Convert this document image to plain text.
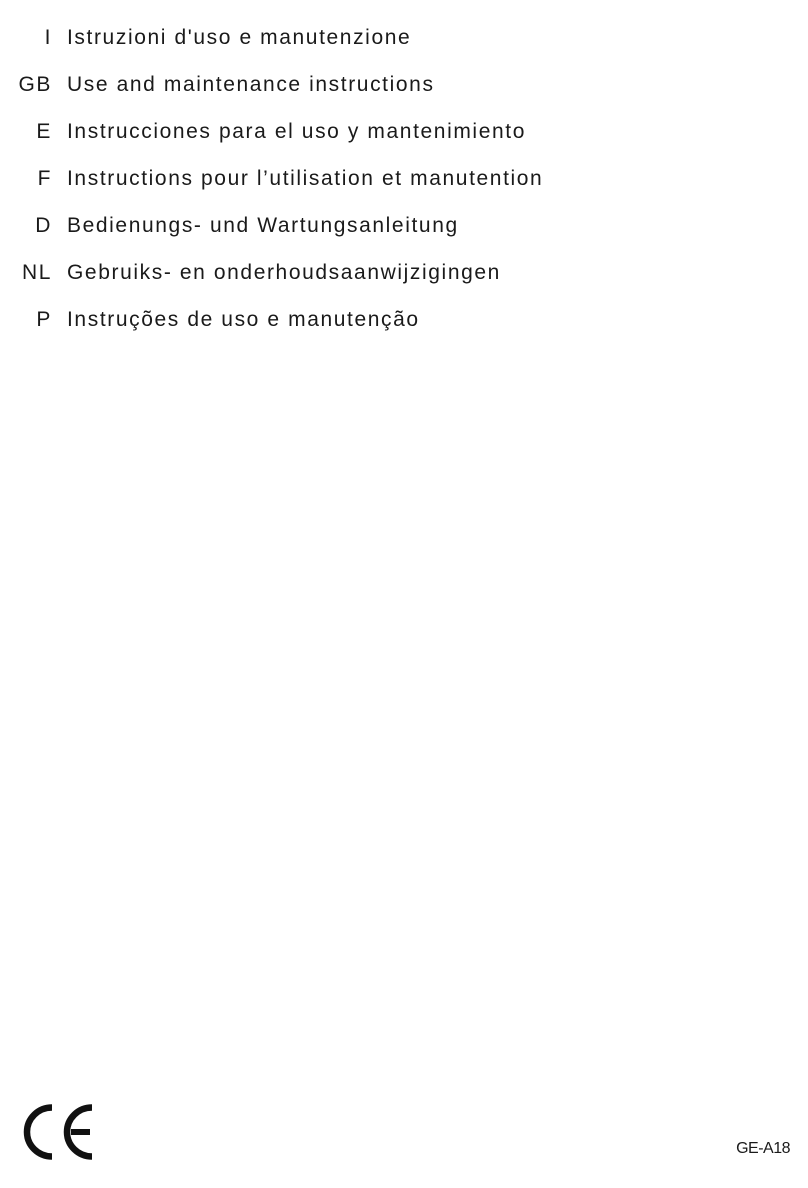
I Istruzioni d'uso e manutenzione
GB Use and maintenance instructions
E Instrucciones para el uso y mantenimiento
F Instructions pour l’utilisation et manutention
D Bedienungs- und Wartungsanleitung
NL Gebruiks- en onderhoudsaanwijzigingen
P Instruções de uso e manutenção
GE-A18
